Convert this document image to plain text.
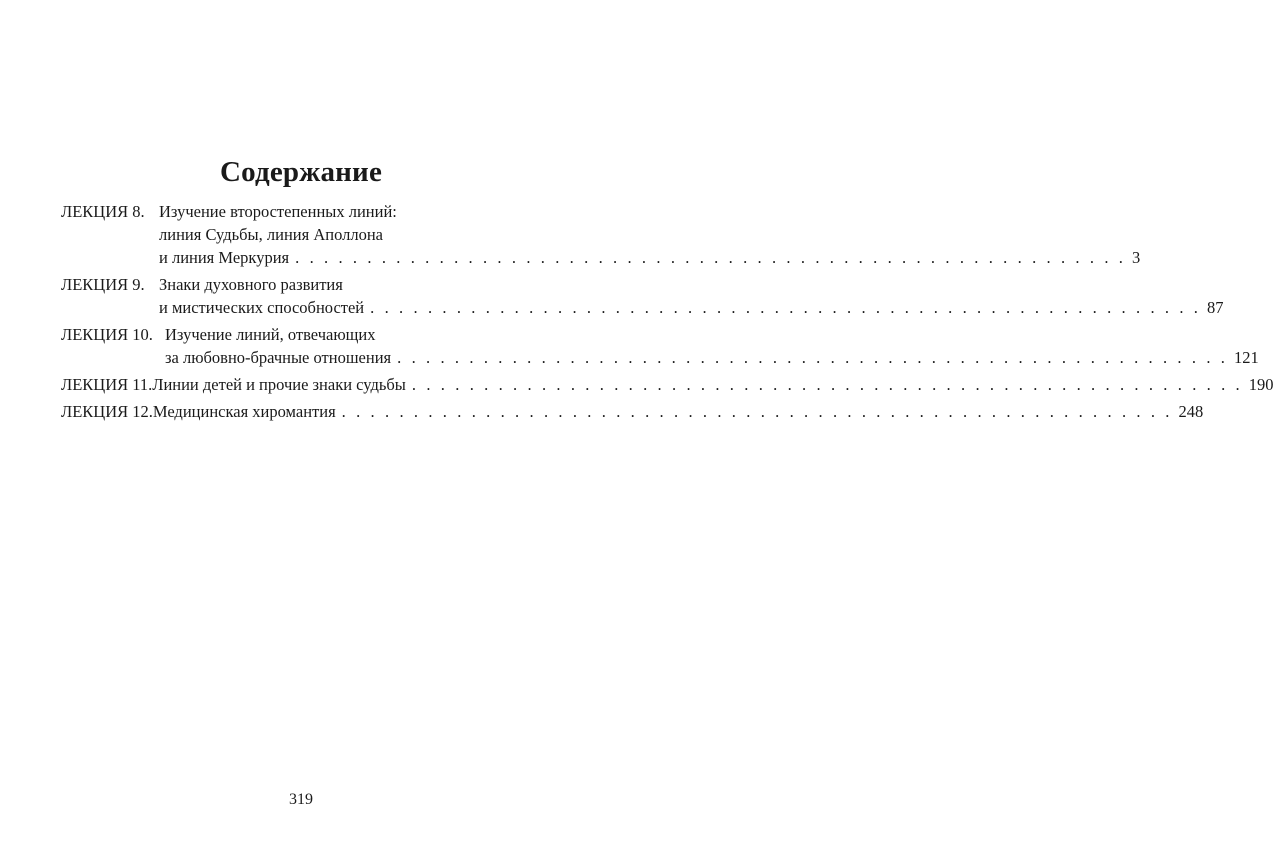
Содержание
ЛЕКЦИЯ 8. Изучение второстепенных линий:
линия Судьбы, линия Аполлона
и линия Меркурия . . . . . . . . . . . . . . . . . . . . . . . . . . . . . . . . . . . . . . . . . . . . . . . . . . . . . . . . . . 3
ЛЕКЦИЯ 9. Знаки духовного развития
и мистических способностей . . . . . . . . . . . . . . . . . . . . . . . . . . . . . . . . . . . . . . . . . . . . . . . . . . . . . . . . . . 87
ЛЕКЦИЯ 10. Изучение линий, отвечающих
за любовно-брачные отношения . . . . . . . . . . . . . . . . . . . . . . . . . . . . . . . . . . . . . . . . . . . . . . . . . . . . . . . . . . 121
ЛЕКЦИЯ 11. Линии детей и прочие знаки судьбы . . . . . . . . . . . . . . . . . . . . . . . . . . . . . . . . . . . . . . . . . . . . . . . . . . . . . . . . . . 190
ЛЕКЦИЯ 12. Медицинская хиромантия . . . . . . . . . . . . . . . . . . . . . . . . . . . . . . . . . . . . . . . . . . . . . . . . . . . . . . . . . . 248
319
